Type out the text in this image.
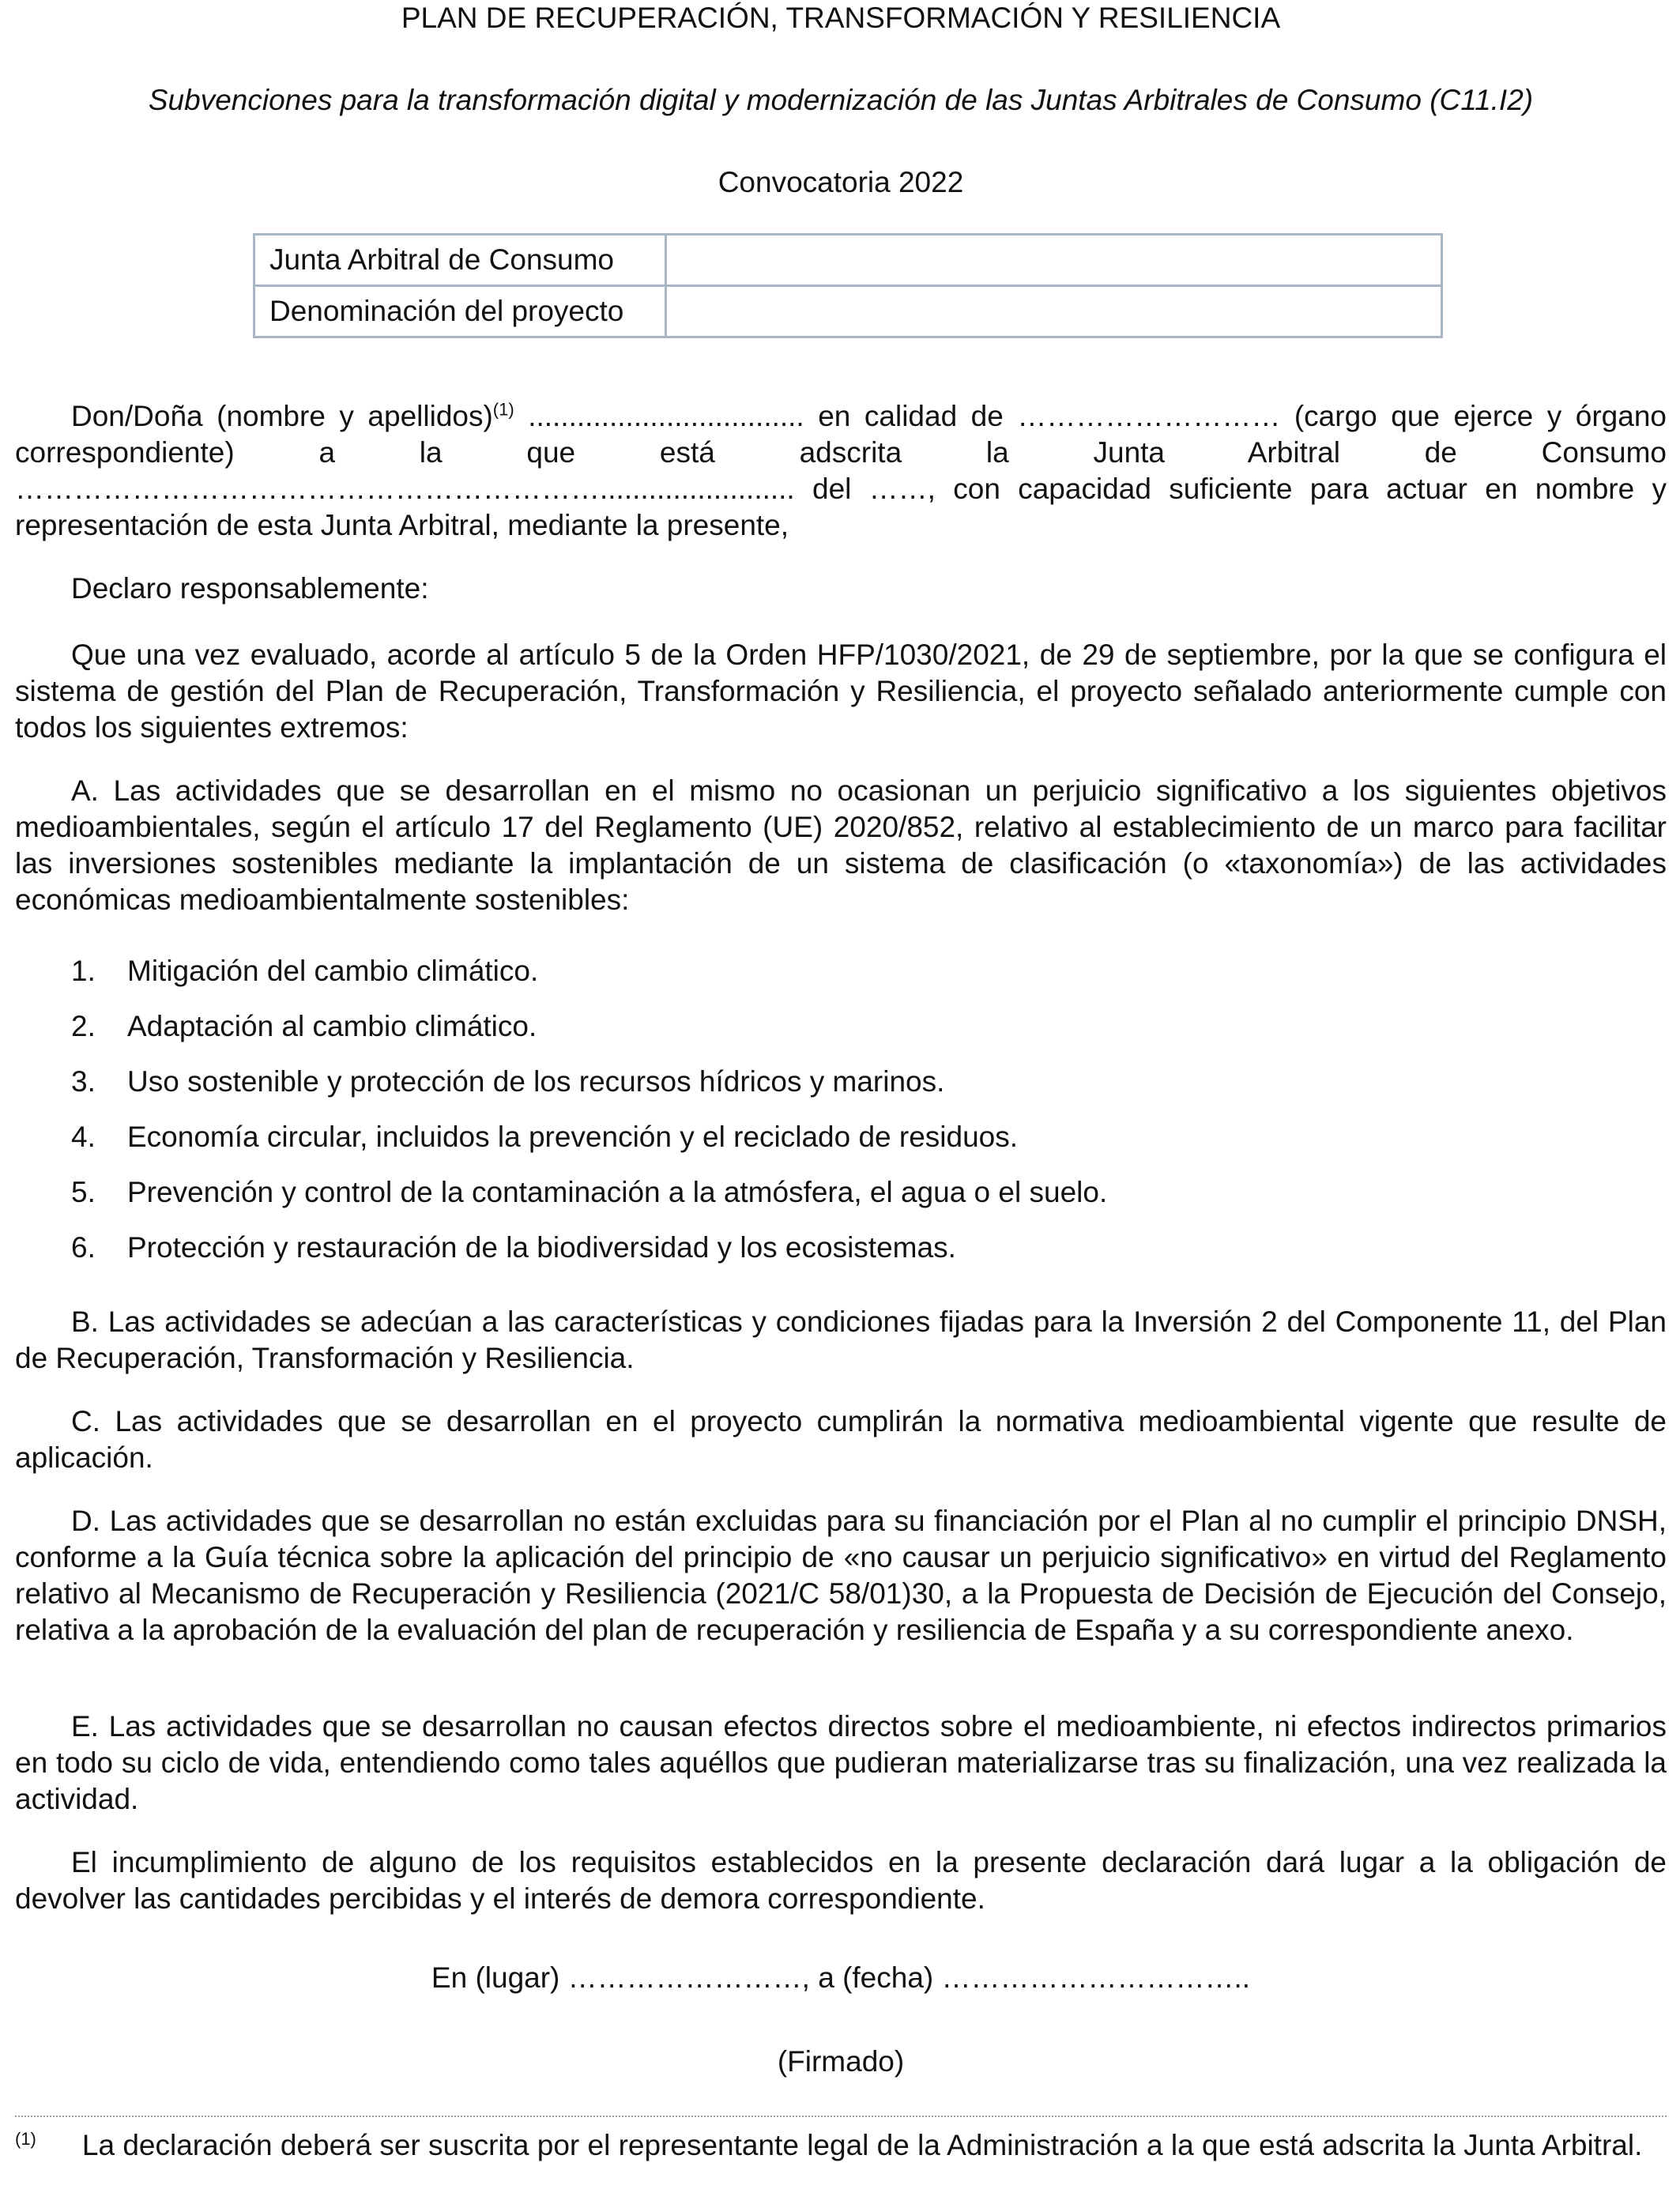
PLAN DE RECUPERACIÓN, TRANSFORMACIÓN Y RESILIENCIA
Subvenciones para la transformación digital y modernización de las Juntas Arbitrales de Consumo (C11.I2)
Convocatoria 2022
Junta Arbitral de Consumo	
Denominación del proyecto	
Don/Doña (nombre y apellidos)$^{(1)}$ .................................. en calidad de ……………………… (cargo que ejerce y órgano correspondiente) a la que está adscrita la Junta Arbitral de Consumo ……………………………………………………........................ del ……, con capacidad suficiente para actuar en nombre y representación de esta Junta Arbitral, mediante la presente,
Declaro responsablemente:
Que una vez evaluado, acorde al artículo 5 de la Orden HFP/1030/2021, de 29 de septiembre, por la que se configura el sistema de gestión del Plan de Recuperación, Transformación y Resiliencia, el proyecto señalado anteriormente cumple con todos los siguientes extremos:
A. Las actividades que se desarrollan en el mismo no ocasionan un perjuicio significativo a los siguientes objetivos medioambientales, según el artículo 17 del Reglamento (UE) 2020/852, relativo al establecimiento de un marco para facilitar las inversiones sostenibles mediante la implantación de un sistema de clasificación (o «taxonomía») de las actividades económicas medioambientalmente sostenibles:
1.	Mitigación del cambio climático.
2.	Adaptación al cambio climático.
3.	Uso sostenible y protección de los recursos hídricos y marinos.
4.	Economía circular, incluidos la prevención y el reciclado de residuos.
5.	Prevención y control de la contaminación a la atmósfera, el agua o el suelo.
6.	Protección y restauración de la biodiversidad y los ecosistemas.
B. Las actividades se adecúan a las características y condiciones fijadas para la Inversión 2 del Componente 11, del Plan de Recuperación, Transformación y Resiliencia.
C. Las actividades que se desarrollan en el proyecto cumplirán la normativa medioambiental vigente que resulte de aplicación.
D. Las actividades que se desarrollan no están excluidas para su financiación por el Plan al no cumplir el principio DNSH, conforme a la Guía técnica sobre la aplicación del principio de «no causar un perjuicio significativo» en virtud del Reglamento relativo al Mecanismo de Recuperación y Resiliencia (2021/C 58/01)30, a la Propuesta de Decisión de Ejecución del Consejo, relativa a la aprobación de la evaluación del plan de recuperación y resiliencia de España y a su correspondiente anexo.
E. Las actividades que se desarrollan no causan efectos directos sobre el medioambiente, ni efectos indirectos primarios en todo su ciclo de vida, entendiendo como tales aquéllos que pudieran materializarse tras su finalización, una vez realizada la actividad.
El incumplimiento de alguno de los requisitos establecidos en la presente declaración dará lugar a la obligación de devolver las cantidades percibidas y el interés de demora correspondiente.
En (lugar) ……………………, a (fecha) …………………………..
(Firmado)
$^{(1)}$ La declaración deberá ser suscrita por el representante legal de la Administración a la que está adscrita la Junta Arbitral.
